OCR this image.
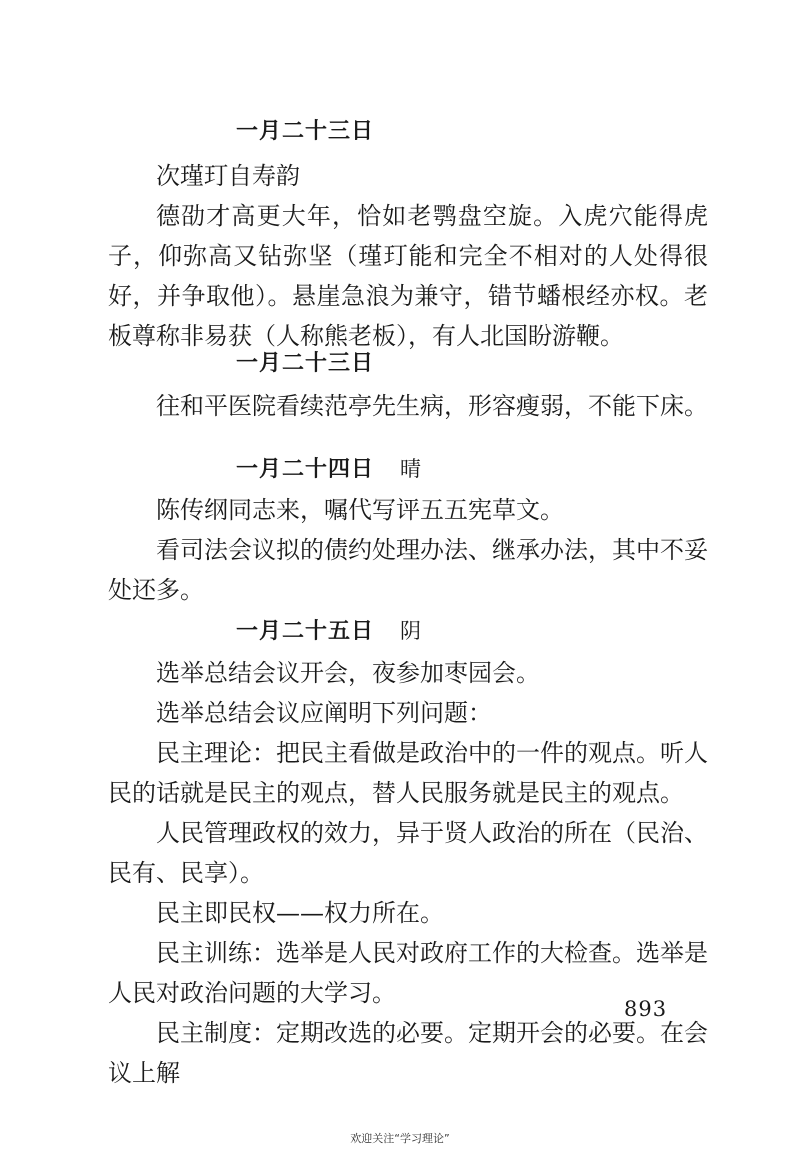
一月二十三日

次瑾玎自寿韵

德劭才高更大年，恰如老鹗盘空旋。入虎穴能得虎子，仰弥高又钻弥坚（瑾玎能和完全不相对的人处得很好，并争取他）。悬崖急浪为兼守，错节蟠根经亦权。老板尊称非易获（人称熊老板），有人北国盼游鞭。

一月二十三日

往和平医院看续范亭先生病，形容瘦弱，不能下床。

一月二十四日 晴

陈传纲同志来，嘱代写评五五宪草文。

看司法会议拟的债约处理办法、继承办法，其中不妥处还多。

一月二十五日 阴

选举总结会议开会，夜参加枣园会。

选举总结会议应阐明下列问题：

民主理论：把民主看做是政治中的一件的观点。听人民的话就是民主的观点，替人民服务就是民主的观点。

人民管理政权的效力，异于贤人政治的所在（民治、民有、民享）。

民主即民权——权力所在。

民主训练：选举是人民对政府工作的大检查。选举是人民对政治问题的大学习。

民主制度：定期改选的必要。定期开会的必要。在会议上解

893
欢迎关注“学习理论”
